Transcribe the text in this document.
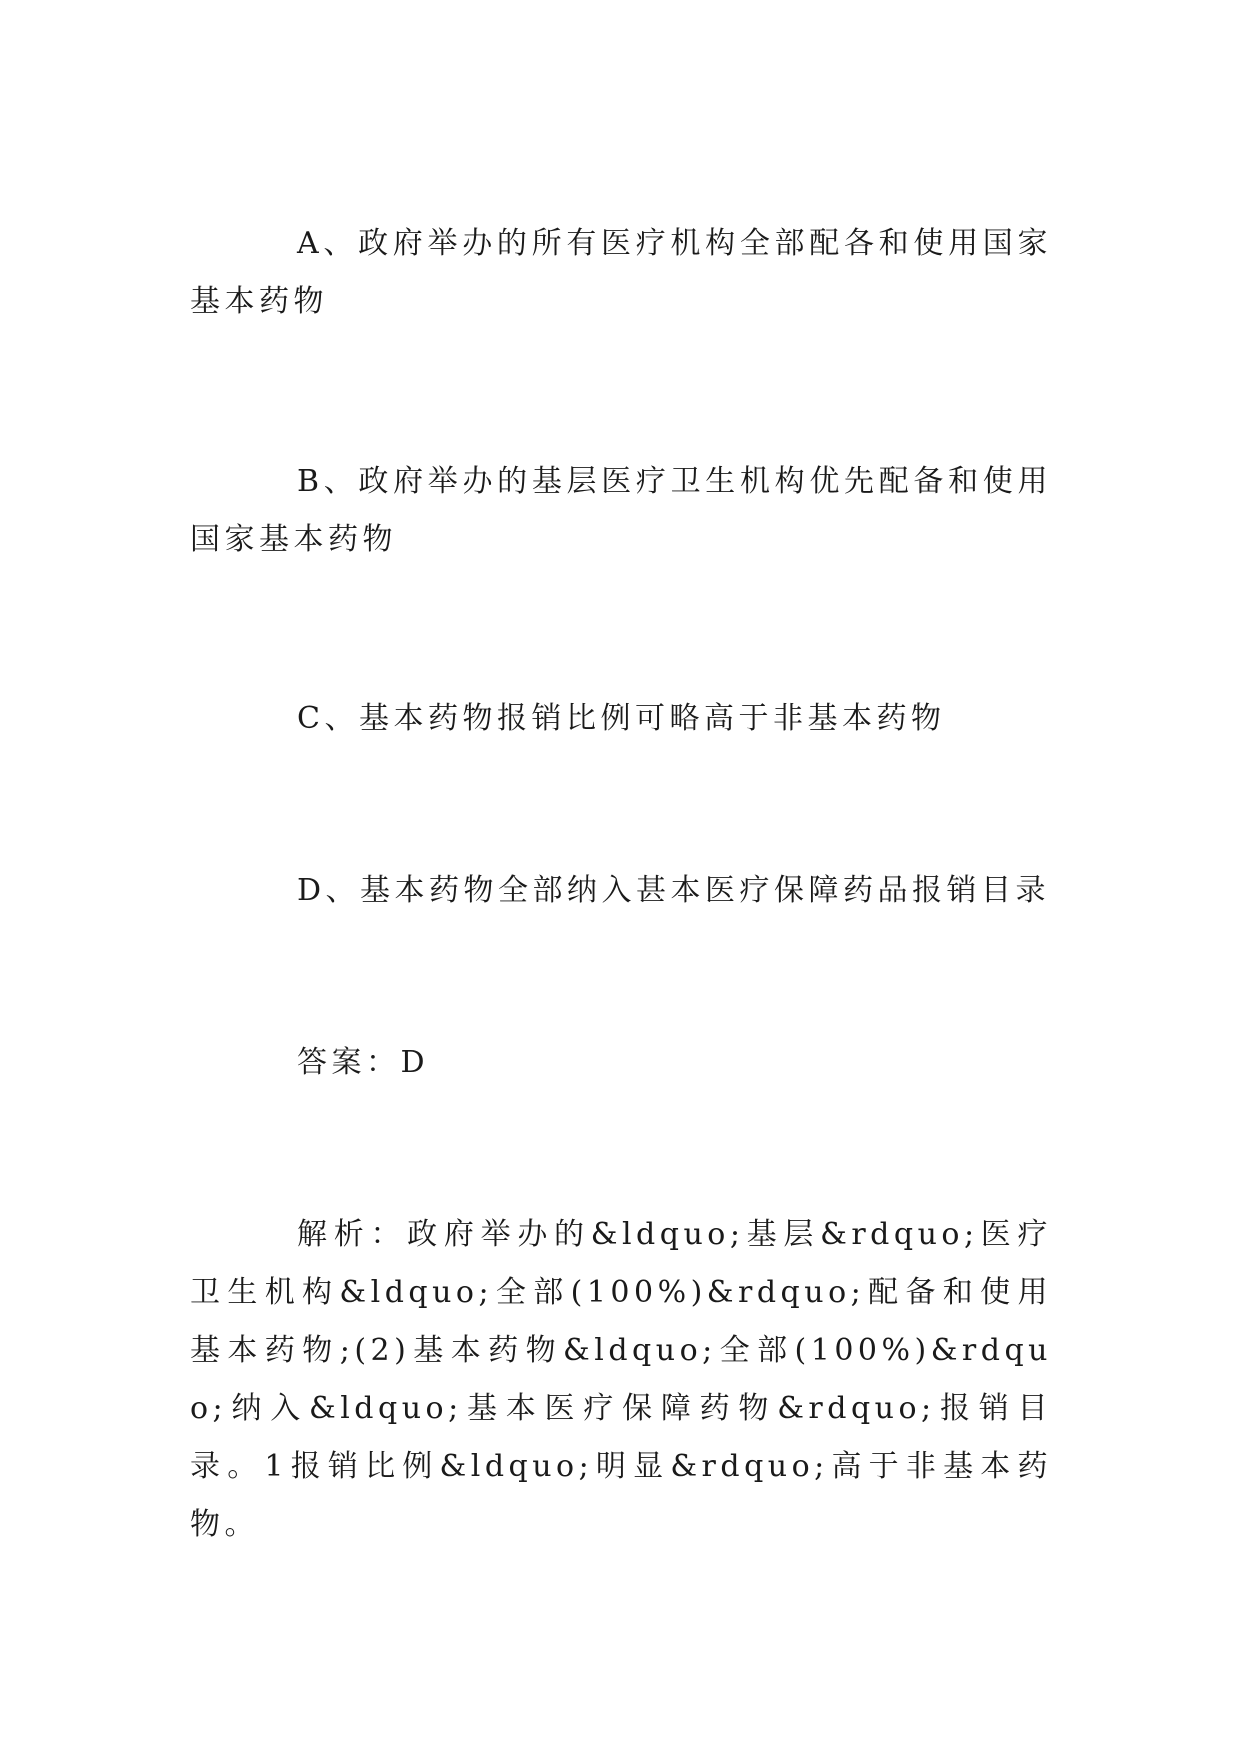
A、政府举办的所有医疗机构全部配各和使用国家基本药物

B、政府举办的基层医疗卫生机构优先配备和使用国家基本药物

C、基本药物报销比例可略高于非基本药物

D、基本药物全部纳入甚本医疗保障药品报销目录

答案：D

解析：政府举办的&ldquo;基层&rdquo;医疗卫生机构&ldquo;全部(100%)&rdquo;配备和使用基本药物;(2)基本药物&ldquo;全部(100%)&rdquo;纳入&ldquo;基本医疗保障药物&rdquo;报销目录。1报销比例&ldquo;明显&rdquo;高于非基本药物。
